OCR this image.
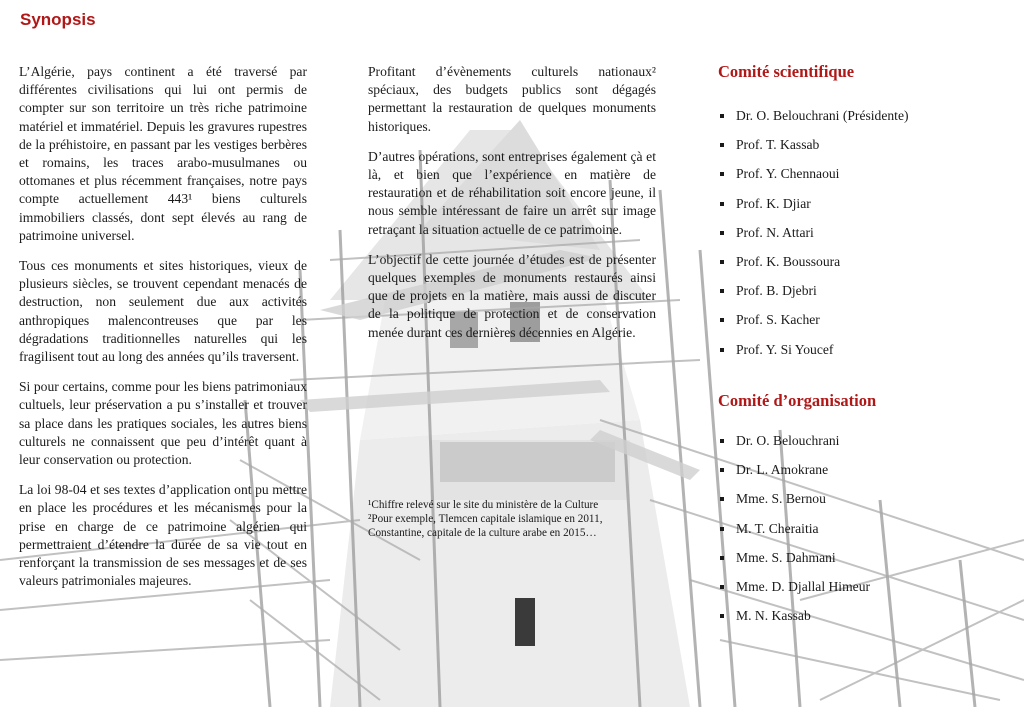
Synopsis

L’Algérie, pays continent a été traversé par différentes civilisations qui lui ont permis de compter sur son territoire un très riche patrimoine matériel et immatériel. Depuis les gravures rupestres de la préhistoire, en passant par les vestiges berbères et romains, les traces arabo-musulmanes ou ottomanes et plus récemment françaises, notre pays compte actuellement 443¹ biens culturels immobiliers classés, dont sept élevés au rang de patrimoine universel.

Tous ces monuments et sites historiques, vieux de plusieurs siècles, se trouvent cependant menacés de destruction, non seulement due aux activités anthropiques malencontreuses que par les dégradations traditionnelles naturelles qui les fragilisent tout au long des années qu’ils traversent.

Si pour certains, comme pour les biens patrimoniaux cultuels, leur préservation a pu s’installer et trouver sa place dans les pratiques sociales, les autres biens culturels ne connaissent que peu d’intérêt quant à leur conservation ou protection.

La loi 98-04 et ses textes d’application ont pu mettre en place les procédures et les mécanismes pour la prise en charge de ce patrimoine algérien qui permettraient d’étendre la durée de sa vie tout en renforçant la transmission de ses messages et de ses valeurs patrimoniales majeures.

Profitant d’évènements culturels nationaux² spéciaux, des budgets publics sont dégagés permettant la restauration de quelques monuments historiques.

D’autres opérations, sont entreprises également çà et là, et bien que l’expérience en matière de restauration et de réhabilitation soit encore jeune, il nous semble intéressant de faire un arrêt sur image retraçant la situation actuelle de ce patrimoine.

L’objectif de cette journée d’études est de présenter quelques exemples de monuments restaurés ainsi que de projets en la matière, mais aussi de discuter de la politique de protection et de conservation menée durant ces dernières décennies en Algérie.

¹Chiffre relevé sur le site du ministère de la Culture

²Pour exemple, Tlemcen capitale islamique en 2011, Constantine, capitale de la culture arabe en 2015…

Comité scientifique
Dr. O. Belouchrani (Présidente)
Prof. T. Kassab
Prof. Y. Chennaoui
Prof. K. Djiar
Prof. N. Attari
Prof. K. Boussoura
Prof. B. Djebri
Prof. S. Kacher
Prof. Y. Si Youcef
Comité d’organisation
Dr. O. Belouchrani
Dr. L. Amokrane
Mme. S. Bernou
M. T. Cheraitia
Mme. S. Dahmani
Mme. D. Djallal Himeur
M. N. Kassab
